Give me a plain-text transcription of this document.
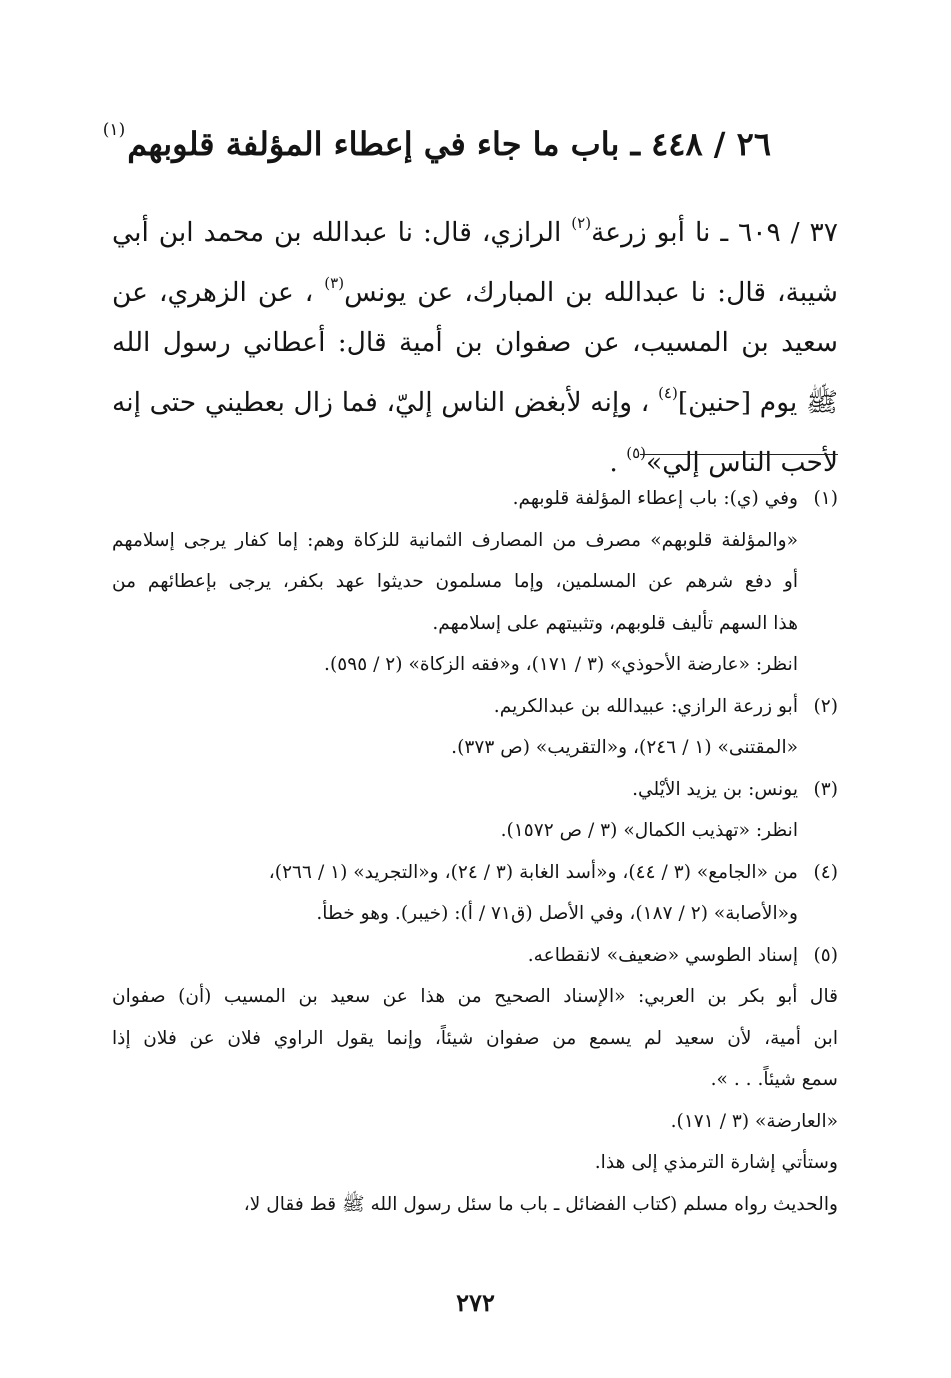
٢٦ / ٤٤٨ ـ باب ما جاء في إعطاء المؤلفة قلوبهم$^{(١)}$
٣٧ / ٦٠٩ ـ نا أبو زرعة$^{(٢)}$ الرازي، قال: نا عبدالله بن محمد ابن أبي شيبة، قال: نا عبدالله بن المبارك، عن يونس$^{(٣)}$ ، عن الزهري، عن سعيد بن المسيب، عن صفوان بن أمية قال: أعطاني رسول الله ﷺ يوم [حنين]$^{(٤)}$ ، وإنه لأبغض الناس إليّ، فما زال بعطيني حتى إنه لأحب الناس إلي»$^{(٥)}$ .
(١)وفي (ي): باب إعطاء المؤلفة قلوبهم.
«والمؤلفة قلوبهم» مصرف من المصارف الثمانية للزكاة وهم: إما كفار يرجى إسلامهم
أو دفع شرهم عن المسلمين، وإما مسلمون حديثوا عهد بكفر، يرجى بإعطائهم من
هذا السهم تأليف قلوبهم، وتثبيتهم على إسلامهم.
انظر: «عارضة الأحوذي» (٣ / ١٧١)، و«فقه الزكاة» (٢ / ٥٩٥).
(٢)أبو زرعة الرازي: عبيدالله بن عبدالكريم.
«المقتنى» (١ / ٢٤٦)، و«التقريب» (ص ٣٧٣).
(٣)يونس: بن يزيد الأيْلي.
انظر: «تهذيب الكمال» (٣ / ص ١٥٧٢).
(٤)من «الجامع» (٣ / ٤٤)، و«أسد الغابة (٣ / ٢٤)، و«التجريد» (١ / ٢٦٦)،
و«الأصابة» (٢ / ١٨٧)، وفي الأصل (ق٧١ / أ): (خيبر). وهو خطأ.
(٥)إسناد الطوسي «ضعيف» لانقطاعه.
قال أبو بكر بن العربي: «الإسناد الصحيح من هذا عن سعيد بن المسيب (أن) صفوان
ابن أمية، لأن سعيد لم يسمع من صفوان شيئاً، وإنما يقول الراوي فلان عن فلان إذا
سمع شيئاً. . . ».
«العارضة» (٣ / ١٧١).
وستأتي إشارة الترمذي إلى هذا.
والحديث رواه مسلم (كتاب الفضائل ـ باب ما سئل رسول الله ﷺ قط فقال لا،
٢٧٢
